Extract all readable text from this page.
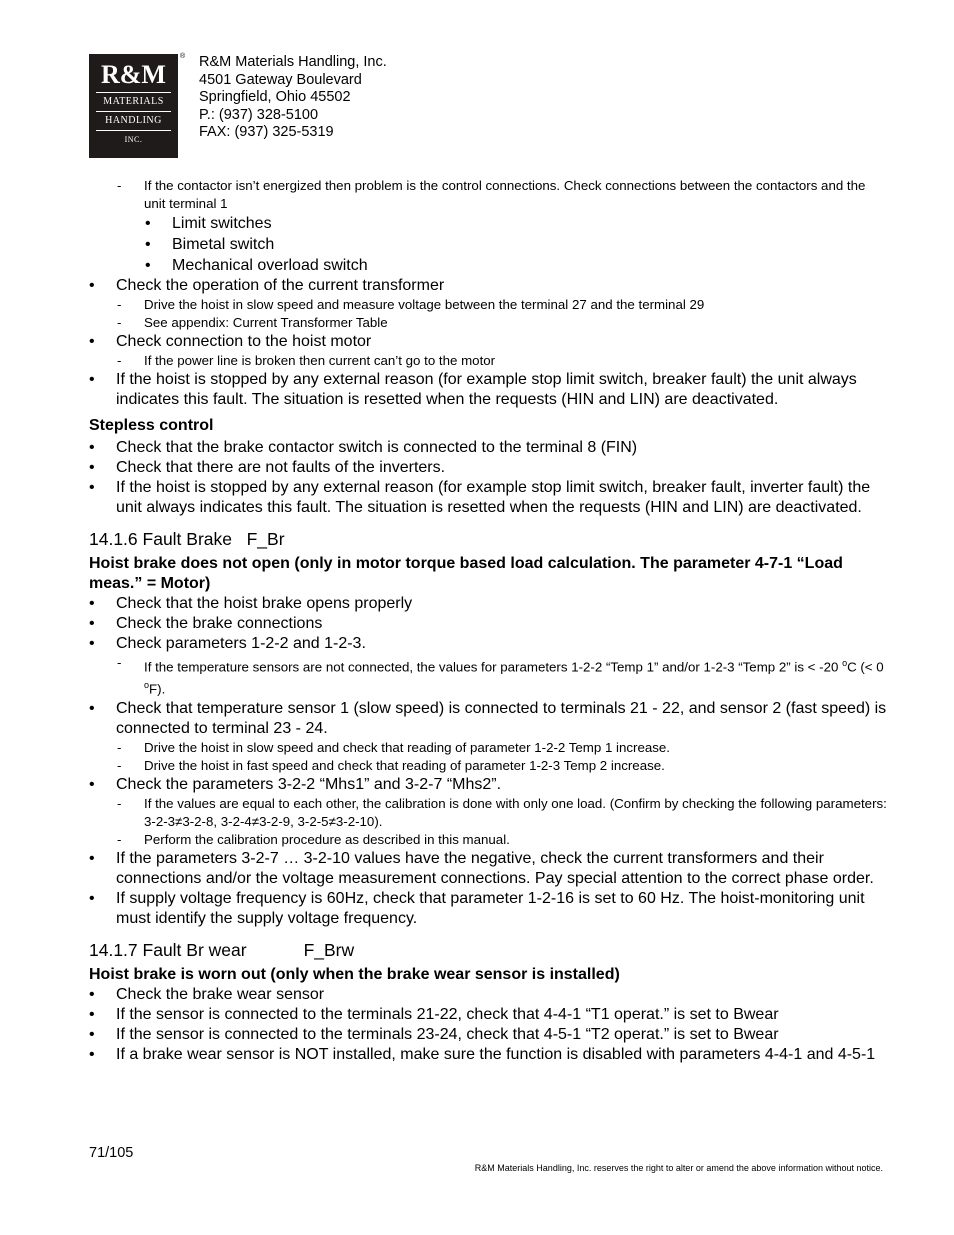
R&M
MATERIALS
HANDLING
INC.
® R&M Materials Handling, Inc.
4501 Gateway Boulevard
Springfield, Ohio 45502
P.: (937) 328-5100
FAX: (937) 325-5319
- If the contactor isn’t energized then problem is the control connections. Check connections between the contactors and the unit terminal 1
• Limit switches
• Bimetal switch
• Mechanical overload switch
• Check the operation of the current transformer
- Drive the hoist in slow speed and measure voltage between the terminal 27 and the terminal 29
- See appendix: Current Transformer Table
• Check connection to the hoist motor
- If the power line is broken then current can’t go to the motor
• If the hoist is stopped by any external reason (for example stop limit switch, breaker fault) the unit always indicates this fault. The situation is resetted when the requests (HIN and LIN) are deactivated.
Stepless control
• Check that the brake contactor switch is connected to the terminal 8 (FIN)
• Check that there are not faults of the inverters.
• If the hoist is stopped by any external reason (for example stop limit switch, breaker fault, inverter fault) the unit always indicates this fault. The situation is resetted when the requests (HIN and LIN) are deactivated.
14.1.6 Fault Brake F_Br
Hoist brake does not open (only in motor torque based load calculation. The parameter 4-7-1 “Load meas.” = Motor)
• Check that the hoist brake opens properly
• Check the brake connections
• Check parameters 1-2-2 and 1-2-3.
- If the temperature sensors are not connected, the values for parameters 1-2-2 “Temp 1” and/or 1-2-3 “Temp 2” is < -20 $^o$C (< 0 $^o$F).
• Check that temperature sensor 1 (slow speed) is connected to terminals 21 - 22, and sensor 2 (fast speed) is connected to terminal 23 - 24.
- Drive the hoist in slow speed and check that reading of parameter 1-2-2 Temp 1 increase.
- Drive the hoist in fast speed and check that reading of parameter 1-2-3 Temp 2 increase.
• Check the parameters 3-2-2 “Mhs1” and 3-2-7 “Mhs2”.
- If the values are equal to each other, the calibration is done with only one load. (Confirm by checking the following parameters: 3-2-3≠3-2-8, 3-2-4≠3-2-9, 3-2-5≠3-2-10).
- Perform the calibration procedure as described in this manual.
• If the parameters 3-2-7 … 3-2-10 values have the negative, check the current transformers and their connections and/or the voltage measurement connections. Pay special attention to the correct phase order.
• If supply voltage frequency is 60Hz, check that parameter 1-2-16 is set to 60 Hz. The hoist-monitoring unit must identify the supply voltage frequency.
14.1.7 Fault Br wear	F_Brw
Hoist brake is worn out (only when the brake wear sensor is installed)
• Check the brake wear sensor
• If the sensor is connected to the terminals 21-22, check that 4-4-1 “T1 operat.” is set to Bwear
• If the sensor is connected to the terminals 23-24, check that 4-5-1 “T2 operat.” is set to Bwear
• If a brake wear sensor is NOT installed, make sure the function is disabled with parameters 4-4-1 and 4-5-1
71/105
R&M Materials Handling, Inc. reserves the right to alter or amend the above information without notice.
